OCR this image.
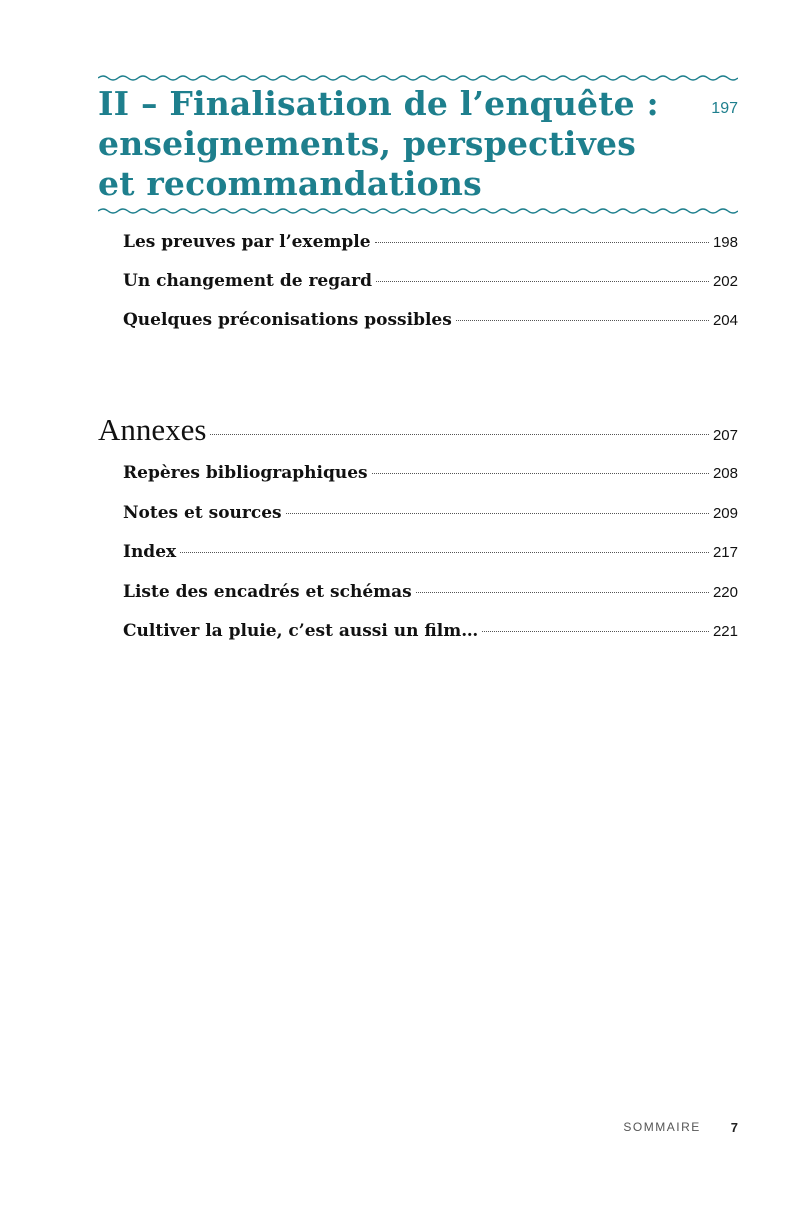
II – Finalisation de l’enquête :
enseignements, perspectives
et recommandations
197
Les preuves par l’exemple	198
Un changement de regard	202
Quelques préconisations possibles	204
Annexes	207
Repères bibliographiques	208
Notes et sources	209
Index	217
Liste des encadrés et schémas	220
Cultiver la pluie, c’est aussi un film…	221
SOMMAIRE 7
